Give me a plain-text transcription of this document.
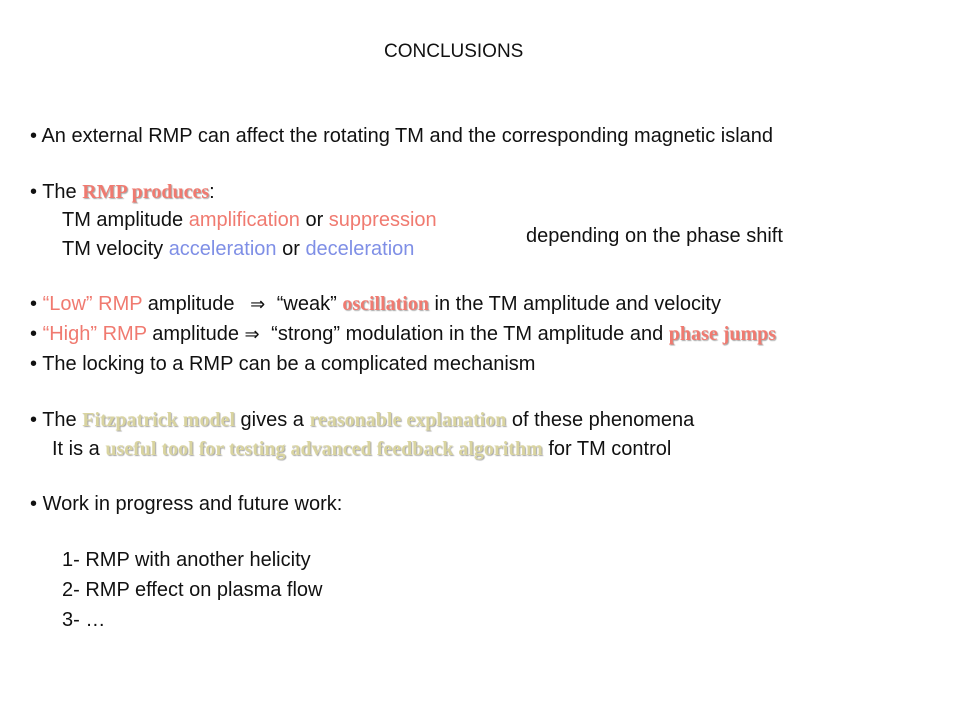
CONCLUSIONS
• An external RMP can affect the rotating TM and the corresponding magnetic island
• The RMP produces:
TM amplitude amplification or suppression
TM velocity acceleration or deceleration
depending on the phase shift
• “Low” RMP amplitude ⇒ “weak” oscillation in the TM amplitude and velocity
• “High” RMP amplitude ⇒ “strong” modulation in the TM amplitude and phase jumps
• The locking to a RMP can be a complicated mechanism
• The Fitzpatrick model gives a reasonable explanation of these phenomena
It is a useful tool for testing advanced feedback algorithm for TM control
• Work in progress and future work:
1- RMP with another helicity
2- RMP effect on plasma flow
3- …
